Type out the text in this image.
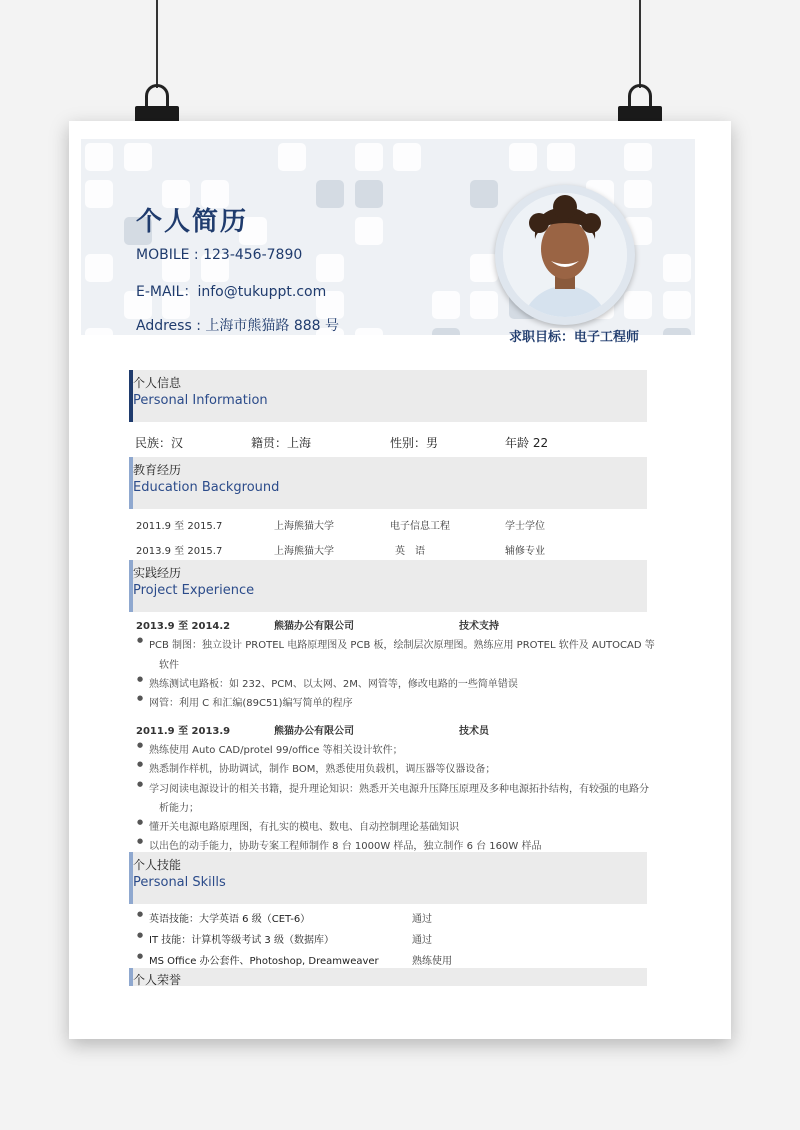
个人简历
MOBILE : 123-456-7890
E-MAIL：info@tukuppt.com
Address : 上海市熊猫路 888 号
求职目标：电子工程师
个人信息
Personal Information
民族：汉	籍贯：上海	性别：男	年龄 22
教育经历
Education Background
2011.9 至 2015.7	上海熊猫大学	电子信息工程	学士学位
2013.9 至 2015.7	上海熊猫大学	英　语	辅修专业
实践经历
Project Experience
2013.9 至 2014.2	熊猫办公有限公司	技术支持
● PCB 制图：独立设计 PROTEL 电路原理图及 PCB 板，绘制层次原理图。熟练应用 PROTEL 软件及 AUTOCAD 等
软件
● 熟练测试电路板：如 232、PCM、以太网、2M、网管等，修改电路的一些简单错误
● 网管：利用 C 和汇编(89C51)编写简单的程序
2011.9 至 2013.9	熊猫办公有限公司	技术员
● 熟练使用 Auto CAD/protel 99/office 等相关设计软件；
● 熟悉制作样机，协助调试，制作 BOM，熟悉使用负载机，调压器等仪器设备；
● 学习阅读电源设计的相关书籍，提升理论知识：熟悉开关电源升压降压原理及多种电源拓扑结构，有较强的电路分
析能力；
● 懂开关电源电路原理图，有扎实的模电、数电、自动控制理论基础知识
● 以出色的动手能力，协助专案工程师制作 8 台 1000W 样品，独立制作 6 台 160W 样品
个人技能
Personal Skills
● 英语技能：大学英语 6 级（CET-6）	通过
● IT 技能：计算机等级考试 3 级（数据库）	通过
● MS Office 办公套件、Photoshop, Dreamweaver	熟练使用
个人荣誉
